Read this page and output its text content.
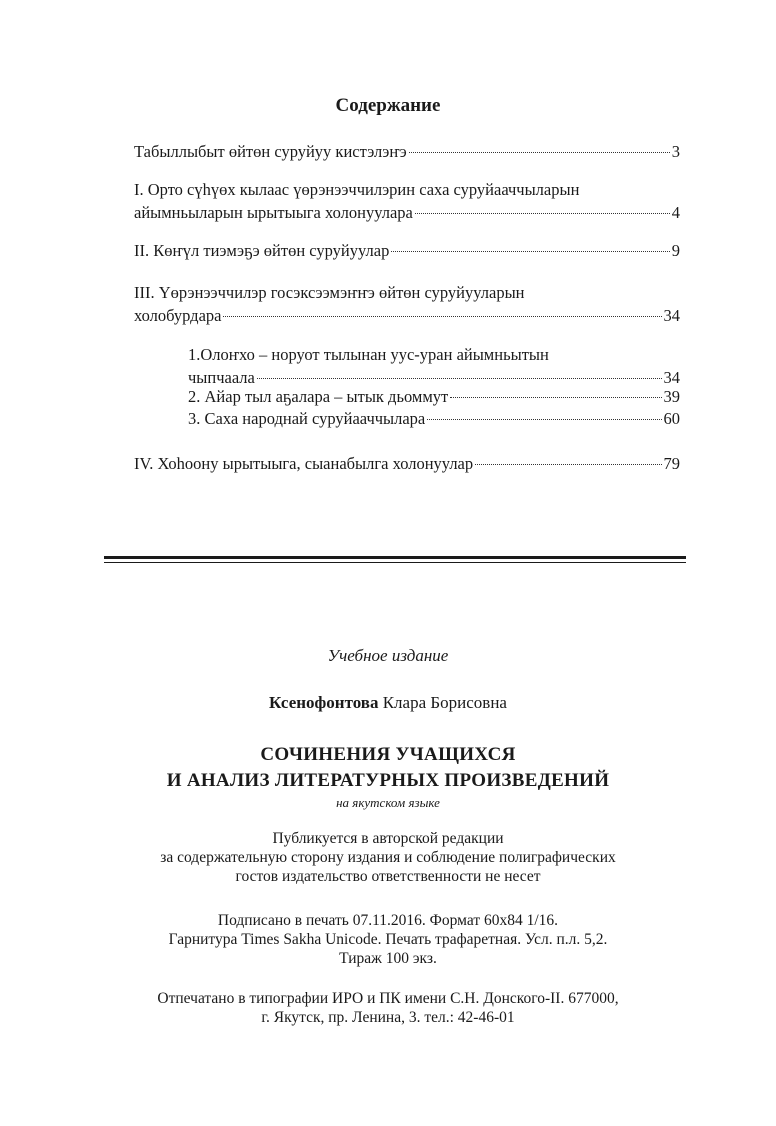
Содержание
Табыллыбыт өйтөн суруйуу кистэлэҥэ	3
I. Орто сүһүөх кылаас үөрэнээччилэрин саха суруйааччыларын
айымньыларын ырытыыга холонуулара	4
II. Көҥүл тиэмэҕэ өйтөн суруйуулар	9
III. Үөрэнээччилэр госэксээмэҥҥэ өйтөн суруйууларын
холобурдара	34
1.Олоҥхо – норуот тылынан уус-уран айымньытын
чыпчаала	34
2. Айар тыл аҕалара – ытык дьоммут	39
3. Саха народнай суруйааччылара	60
IV. Хоһоону ырытыыга, сыанабылга холонуулар	79
Учебное издание
Ксенофонтова Клара Борисовна
СОЧИНЕНИЯ УЧАЩИХСЯ
И АНАЛИЗ ЛИТЕРАТУРНЫХ ПРОИЗВЕДЕНИЙ
на якутском языке
Публикуется в авторской редакции
за содержательную сторону издания и соблюдение полиграфических
гостов издательство ответственности не несет
Подписано в печать 07.11.2016. Формат 60x84 1/16.
Гарнитура Times Sakha Unicode. Печать трафаретная. Усл. п.л. 5,2.
Тираж 100 экз.
Отпечатано в типографии ИРО и ПК имени С.Н. Донского-II. 677000,
г. Якутск, пр. Ленина, 3. тел.: 42-46-01
